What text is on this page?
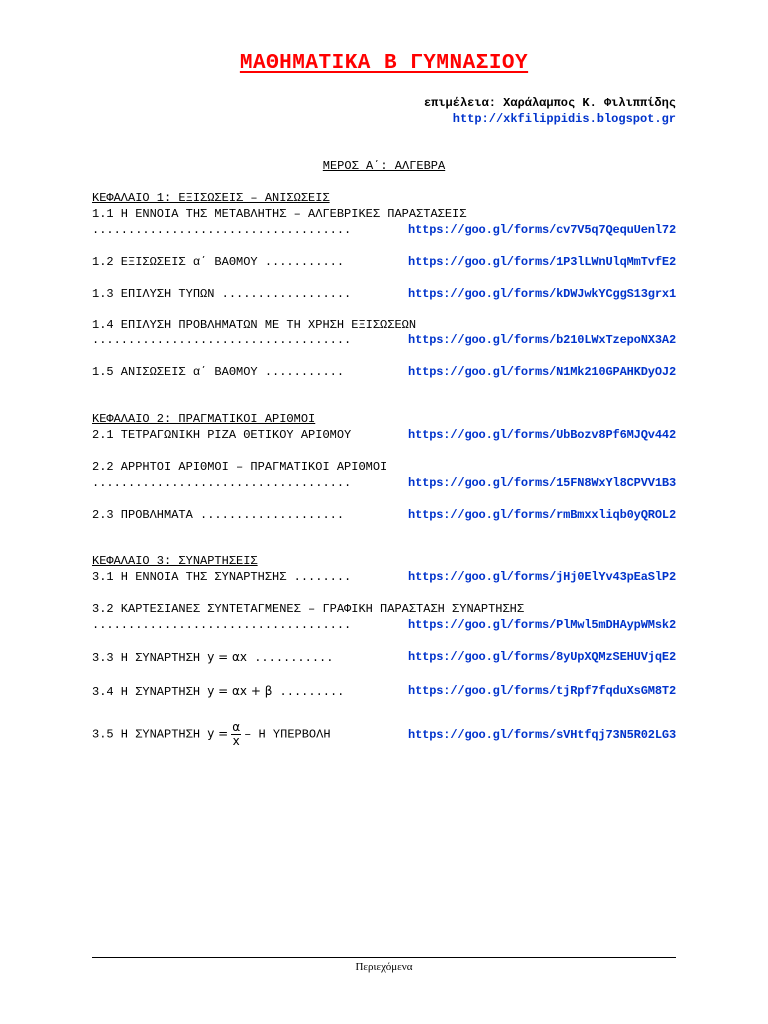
ΜΑΘΗΜΑΤΙΚΑ Β ΓΥΜΝΑΣΙΟΥ
επιμέλεια: Χαράλαμπος Κ. Φιλιππίδης
http://xkfilippidis.blogspot.gr
ΜΕΡΟΣ Α΄: ΑΛΓΕΒΡΑ
ΚΕΦΑΛΑΙΟ 1: ΕΞΙΣΩΣΕΙΣ – ΑΝΙΣΩΣΕΙΣ
1.1 Η ΕΝΝΟΙΑ ΤΗΣ ΜΕΤΑΒΛΗΤΗΣ – ΑΛΓΕΒΡΙΚΕΣ ΠΑΡΑΣΤΑΣΕΙΣ
....................................	https://goo.gl/forms/cv7V5q7QequUenl72
1.2 ΕΞΙΣΩΣΕΙΣ α΄ ΒΑΘΜΟΥ ...........	https://goo.gl/forms/1P3lLWnUlqMmTvfE2
1.3 ΕΠΙΛΥΣΗ ΤΥΠΩΝ ..................	https://goo.gl/forms/kDWJwkYCggS13grx1
1.4 ΕΠΙΛΥΣΗ ΠΡΟΒΛΗΜΑΤΩΝ ΜΕ ΤΗ ΧΡΗΣΗ ΕΞΙΣΩΣΕΩΝ
....................................	https://goo.gl/forms/b210LWxTzepoNX3A2
1.5 ΑΝΙΣΩΣΕΙΣ α΄ ΒΑΘΜΟΥ ...........	https://goo.gl/forms/N1Mk210GPAHKDyOJ2
ΚΕΦΑΛΑΙΟ 2: ΠΡΑΓΜΑΤΙΚΟΙ ΑΡΙΘΜΟΙ
2.1 ΤΕΤΡΑΓΩΝΙΚΗ ΡΙΖΑ ΘΕΤΙΚΟΥ ΑΡΙΘΜΟΥ	https://goo.gl/forms/UbBozv8Pf6MJQv442
2.2 ΑΡΡΗΤΟΙ ΑΡΙΘΜΟΙ – ΠΡΑΓΜΑΤΙΚΟΙ ΑΡΙΘΜΟΙ
....................................	https://goo.gl/forms/15FN8WxYl8CPVV1B3
2.3 ΠΡΟΒΛΗΜΑΤΑ ....................	https://goo.gl/forms/rmBmxxliqb0yQROL2
ΚΕΦΑΛΑΙΟ 3: ΣΥΝΑΡΤΗΣΕΙΣ
3.1 Η ΕΝΝΟΙΑ ΤΗΣ ΣΥΝΑΡΤΗΣΗΣ ........	https://goo.gl/forms/jHj0ElYv43pEaSlP2
3.2 ΚΑΡΤΕΣΙΑΝΕΣ ΣΥΝΤΕΤΑΓΜΕΝΕΣ – ΓΡΑΦΙΚΗ ΠΑΡΑΣΤΑΣΗ ΣΥΝΑΡΤΗΣΗΣ
....................................	https://goo.gl/forms/PlMwl5mDHAypWMsk2
3.3 Η ΣΥΝΑΡΤΗΣΗ y = αx ...........	https://goo.gl/forms/8yUpXQMzSEHUVjqE2
3.4 Η ΣΥΝΑΡΤΗΣΗ y = αx + β .........	https://goo.gl/forms/tjRpf7fqduXsGM8T2
3.5 Η ΣΥΝΑΡΤΗΣΗ $y = \frac{\alpha}{x} - H$ ΥΠΕΡΒΟΛΗ	https://goo.gl/forms/sVHtfqj73N5R02LG3
Περιεχόμενα
